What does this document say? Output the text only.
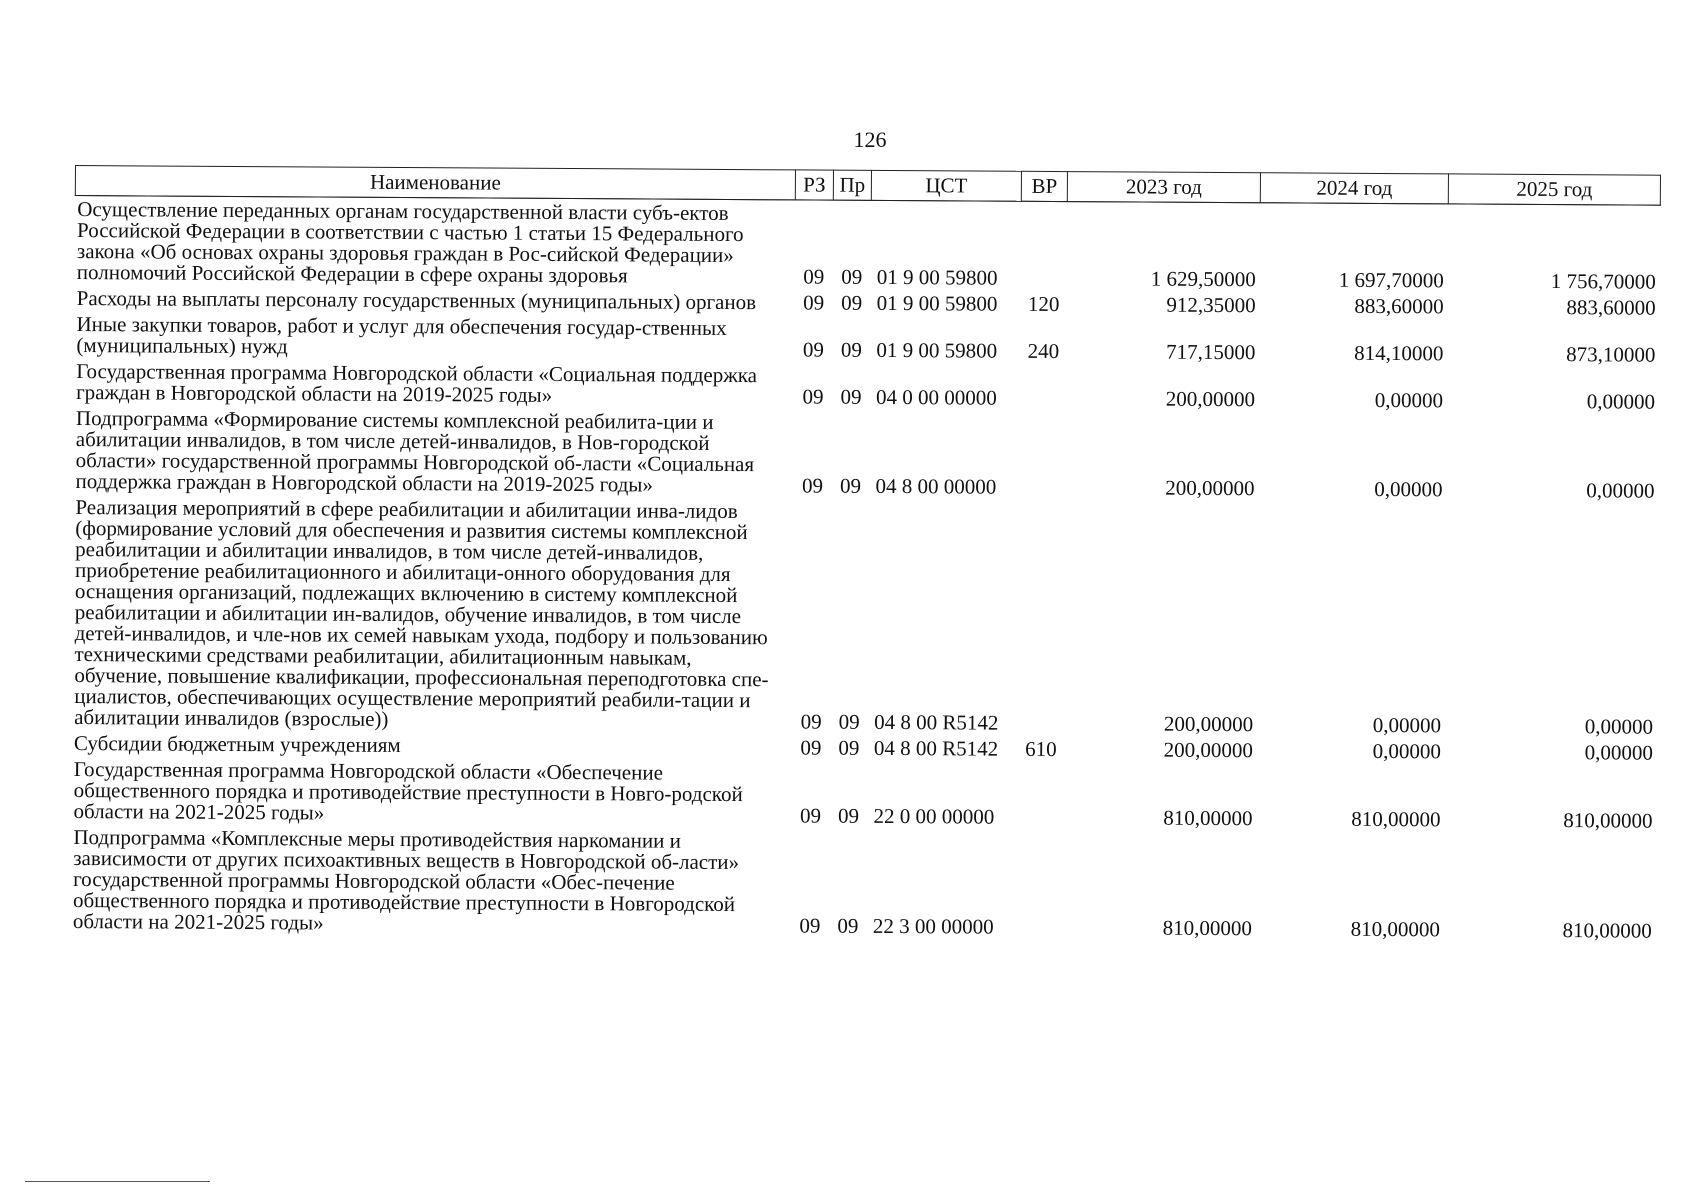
126
Наименование	РЗ	Пр	ЦСТ	ВР	2023 год	2024 год	2025 год
Осуществление переданных органам государственной власти субъ-ектов Российской Федерации в соответствии с частью 1 статьи 15 Федерального закона «Об основах охраны здоровья граждан в Рос-сийской Федерации» полномочий Российской Федерации в сфере охраны здоровья	09	09	01 9 00 59800		1 629,50000	1 697,70000	1 756,70000
Расходы на выплаты персоналу государственных (муниципальных) органов	09	09	01 9 00 59800	120	912,35000	883,60000	883,60000
Иные закупки товаров, работ и услуг для обеспечения государ-ственных (муниципальных) нужд	09	09	01 9 00 59800	240	717,15000	814,10000	873,10000
Государственная программа Новгородской области «Социальная поддержка граждан в Новгородской области на 2019-2025 годы»	09	09	04 0 00 00000		200,00000	0,00000	0,00000
Подпрограмма «Формирование системы комплексной реабилита-ции и абилитации инвалидов, в том числе детей-инвалидов, в Нов-городской области» государственной программы Новгородской об-ласти «Социальная поддержка граждан в Новгородской области на 2019-2025 годы»	09	09	04 8 00 00000		200,00000	0,00000	0,00000
Реализация мероприятий в сфере реабилитации и абилитации инва-лидов (формирование условий для обеспечения и развития системы комплексной реабилитации и абилитации инвалидов, в том числе детей-инвалидов, приобретение реабилитационного и абилитаци-онного оборудования для оснащения организаций, подлежащих включению в систему комплексной реабилитации и абилитации ин-валидов, обучение инвалидов, в том числе детей-инвалидов, и чле-нов их семей навыкам ухода, подбору и пользованию техническими средствами реабилитации, абилитационным навыкам, обучение, повышение квалификации, профессиональная переподготовка спе-циалистов, обеспечивающих осуществление мероприятий реабили-тации и абилитации инвалидов (взрослые))	09	09	04 8 00 R5142		200,00000	0,00000	0,00000
Субсидии бюджетным учреждениям	09	09	04 8 00 R5142	610	200,00000	0,00000	0,00000
Государственная программа Новгородской области «Обеспечение общественного порядка и противодействие преступности в Новго-родской области на 2021-2025 годы»	09	09	22 0 00 00000		810,00000	810,00000	810,00000
Подпрограмма «Комплексные меры противодействия наркомании и зависимости от других психоактивных веществ в Новгородской об-ласти» государственной программы Новгородской области «Обес-печение общественного порядка и противодействие преступности в Новгородской области на 2021-2025 годы»	09	09	22 3 00 00000		810,00000	810,00000	810,00000
